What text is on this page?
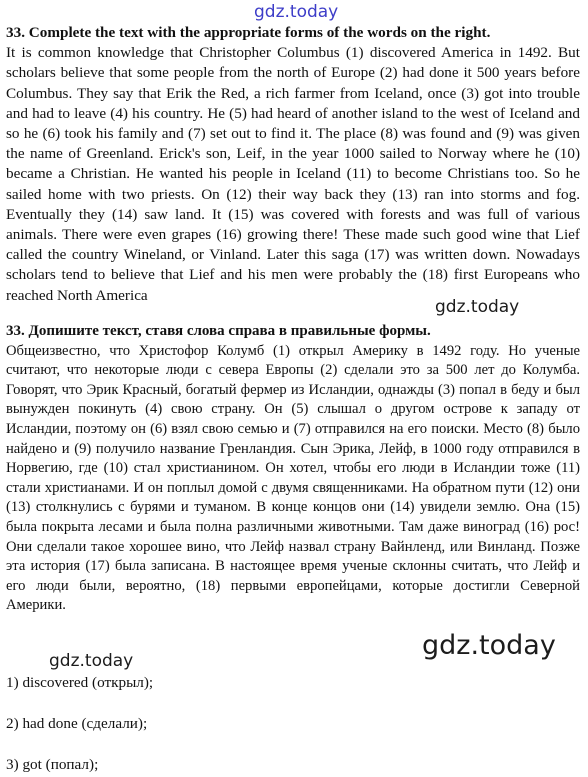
gdz.today
33. Complete the text with the appropriate forms of the words on the right.

It is common knowledge that Christopher Columbus (1) discovered America in 1492. But scholars believe that some people from the north of Europe (2) had done it 500 years before Columbus. They say that Erik the Red, a rich farmer from Iceland, once (3) got into trouble and had to leave (4) his country. He (5) had heard of another island to the west of Iceland and so he (6) took his family and (7) set out to find it. The place (8) was found and (9) was given the name of Greenland. Erick's son, Leif, in the year 1000 sailed to Norway where he (10) became a Christian. He wanted his people in Iceland (11) to become Christians too. So he sailed home with two priests. On (12) their way back they (13) ran into storms and fog. Eventually they (14) saw land. It (15) was covered with forests and was full of various animals. There were even grapes (16) growing there! These made such good wine that Lief called the country Wineland, or Vinland. Later this saga (17) was written down. Nowadays scholars tend to believe that Lief and his men were probably the (18) first Europeans who reached North America

gdz.today
33. Допишите текст, ставя слова справа в правильные формы.

Общеизвестно, что Христофор Колумб (1) открыл Америку в 1492 году. Но ученые считают, что некоторые люди с севера Европы (2) сделали это за 500 лет до Колумба. Говорят, что Эрик Красный, богатый фермер из Исландии, однажды (3) попал в беду и был вынужден покинуть (4) свою страну. Он (5) слышал о другом острове к западу от Исландии, поэтому он (6) взял свою семью и (7) отправился на его поиски. Место (8) было найдено и (9) получило название Гренландия. Сын Эрика, Лейф, в 1000 году отправился в Норвегию, где (10) стал христианином. Он хотел, чтобы его люди в Исландии тоже (11) стали христианами. И он поплыл домой с двумя священниками. На обратном пути (12) они (13) столкнулись с бурями и туманом. В конце концов они (14) увидели землю. Она (15) была покрыта лесами и была полна различными животными. Там даже виноград (16) рос! Они сделали такое хорошее вино, что Лейф назвал страну Вайнленд, или Винланд. Позже эта история (17) была записана. В настоящее время ученые склонны считать, что Лейф и его люди были, вероятно, (18) первыми европейцами, которые достигли Северной Америки.

gdz.today
gdz.today
1) discovered (открыл);
2) had done (сделали);
3) got (попал);
